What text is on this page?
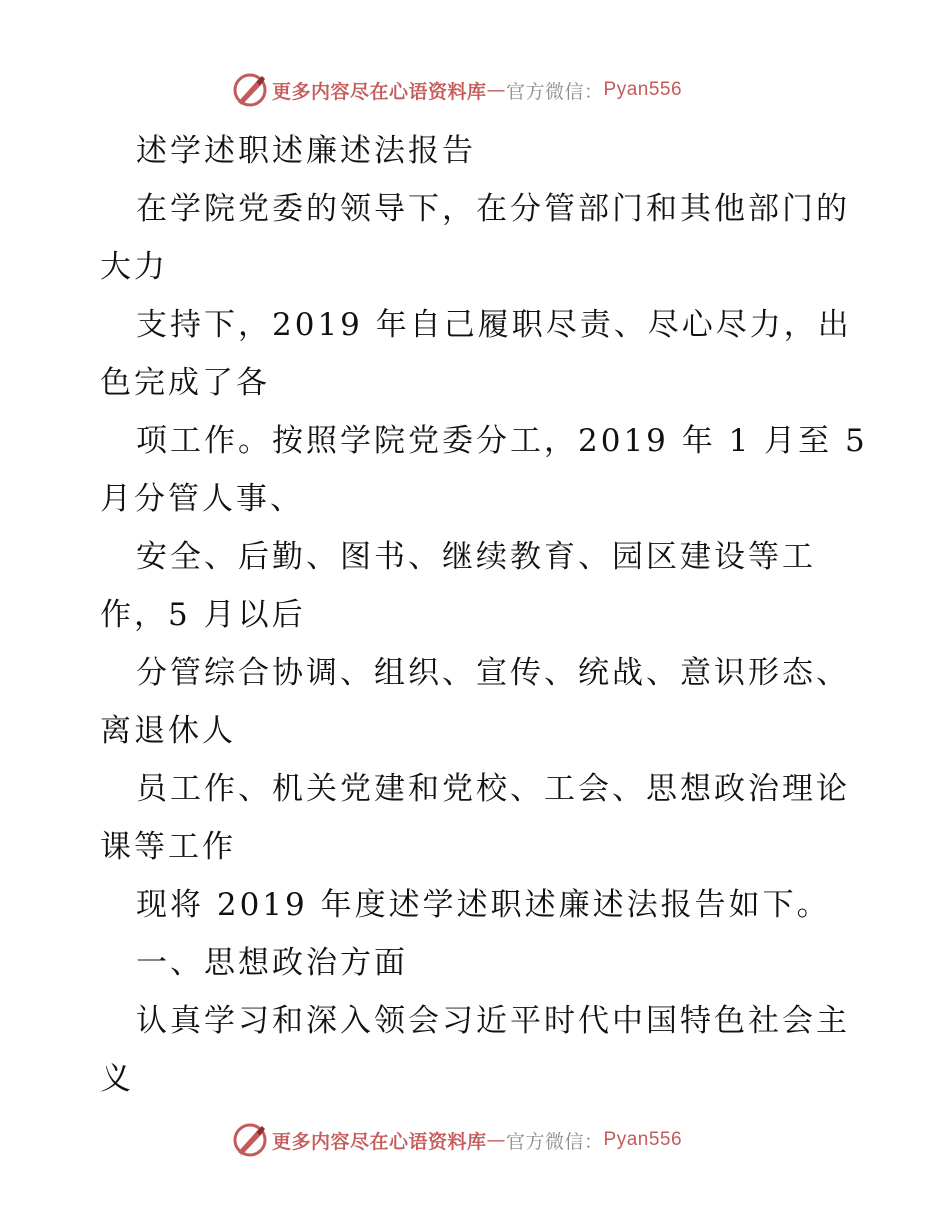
更多内容尽在心语资料库 — 官方微信： Pyan556
述学述职述廉述法报告
在学院党委的领导下，在分管部门和其他部门的
大力
支持下，2019 年自己履职尽责、尽心尽力，出
色完成了各
项工作。按照学院党委分工，2019 年 1 月至 5
月分管人事、
安全、后勤、图书、继续教育、园区建设等工
作，5 月以后
分管综合协调、组织、宣传、统战、意识形态、
离退休人
员工作、机关党建和党校、工会、思想政治理论
课等工作
现将 2019 年度述学述职述廉述法报告如下。
一、思想政治方面
认真学习和深入领会习近平时代中国特色社会主
义
更多内容尽在心语资料库 — 官方微信： Pyan556
